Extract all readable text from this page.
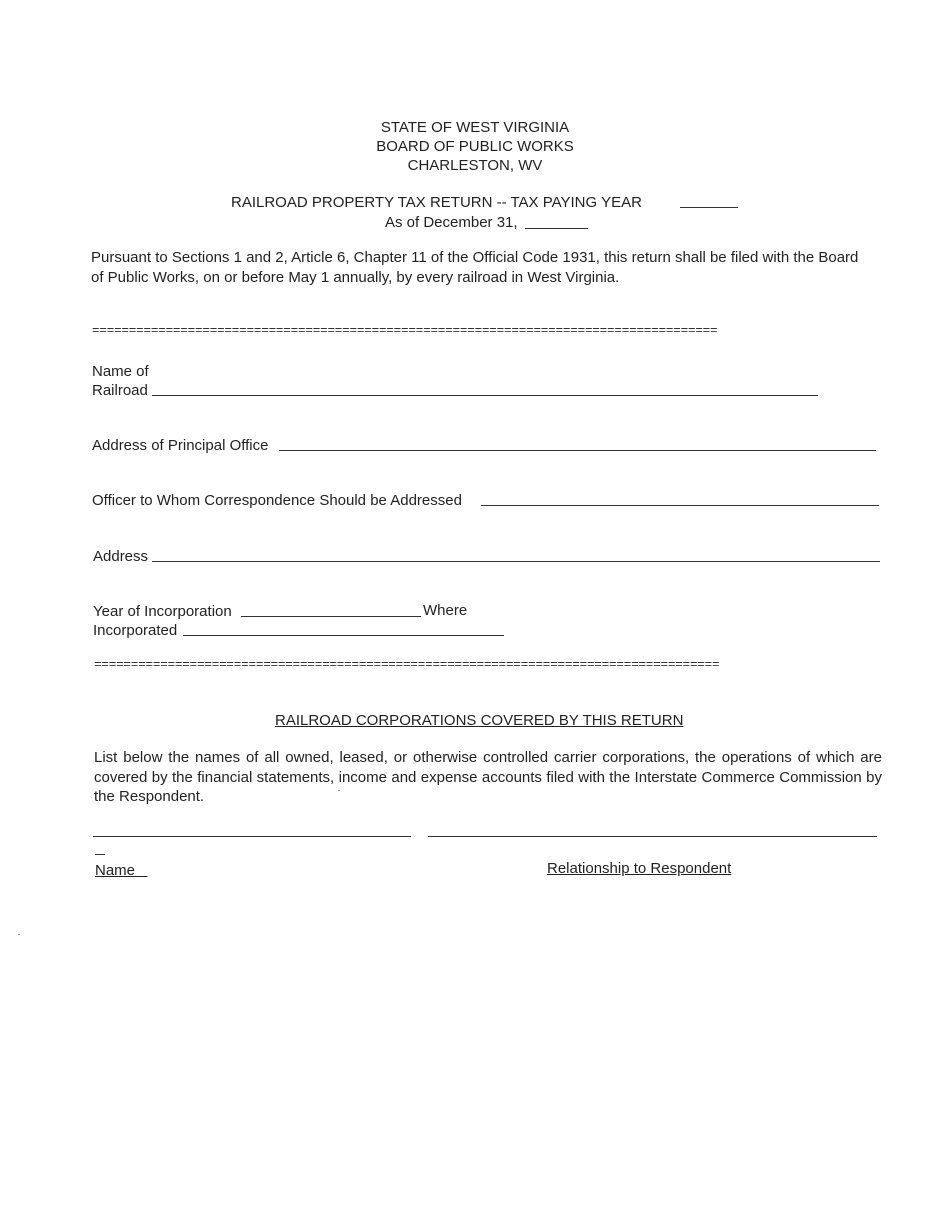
STATE OF WEST VIRGINIA
BOARD OF PUBLIC WORKS
CHARLESTON, WV
RAILROAD PROPERTY TAX RETURN -- TAX PAYING YEAR
As of December 31,
Pursuant to Sections 1 and 2, Article 6, Chapter 11 of the Official Code 1931, this return shall be filed with the Board of Public Works, on or before May 1 annually, by every railroad in West Virginia.
=====================================================================================
Name of
Railroad
Address of Principal Office
Officer to Whom Correspondence Should be Addressed
Address
Year of Incorporation	Where
Incorporated
=====================================================================================
RAILROAD CORPORATIONS COVERED BY THIS RETURN
List below the names of all owned, leased, or otherwise controlled carrier corporations, the operations of which are covered by the financial statements, income and expense accounts filed with the Interstate Commerce Commission by the Respondent.
Name	Relationship to Respondent
